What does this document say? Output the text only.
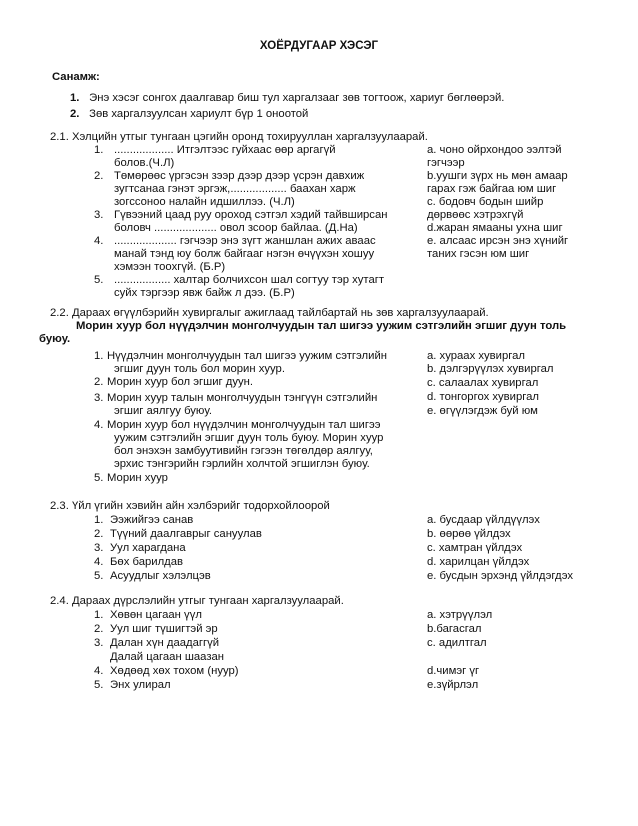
ХОЁРДУГААР ХЭСЭГ
Санамж:
1. Энэ хэсэг сонгох даалгавар биш тул харгалзааг зөв тогтоож, хариуг бөглөөрэй.
2. Зөв харгалзуулсан хариулт бүр 1 оноотой
2.1. Хэлцийн утгыг тунгаан цэгийн оронд тохирууллан харгалзуулаарай.
1. ................... Итгэлтээс гуйхаас өөр аргагүй

болов.(Ч.Л)

2. Төмөрөөс үргэсэн зээр дээр дээр үсрэн давхиж

зугтсанаа гэнэт эргэж,.................. баахан харж

зогссоноо налайн идшиллээ. (Ч.Л)

3. Гүвээний цаад руу ороход сэтгэл хэдий тайвширсан

боловч .................... овол зсоор байлаа. (Д.На)

4. .................... гэгчээр энэ зүгт жаншлан ажих аваас

манай тэнд юу болж байгааг нэгэн өчүүхэн хошуу

хэмээн тоохгүй. (Б.Р)

5. .................. халтар болчихсон шал согтуу тэр хутагт

суйх тэргээр явж байж л дээ. (Б.Р)

а. чоно ойрхондоо ээлтэй

гэгчээр

b.уушги зүрх нь мөн амаар

гарах гэж байгаа юм шиг

с. бодовч бодын шийр

дөрвөөс хэтрэхгүй

d.жаран ямааны ухна шиг

е. алсаас ирсэн энэ хүнийг

таних гэсэн юм шиг

2.2. Дараах өгүүлбэрийн хувиргалыг ажиглаад тайлбартай нь зөв харгалзуулаарай.
Морин хуур бол нүүдэлчин монголчуудын тал шигээ уужим сэтгэлийн эгшиг дуун толь
буюу.
1. Нүүдэлчин монголчуудын тал шигээ уужим сэтгэлийн

эгшиг дуун толь бол морин хуур.

2. Морин хуур бол эгшиг дуун.

3. Морин хуур талын монголчуудын тэнгүүн сэтгэлийн

эгшиг аялгуу буюу.

4. Морин хуур бол нүүдэлчин монголчуудын тал шигээ

уужим сэтгэлийн эгшиг дуун толь буюу. Морин хуур

бол энэхэн замбуутивийн гэгээн төгөлдөр аялгуу,

эрхис тэнгэрийн гэрлийн холчтой эгшиглэн буюу.

5. Морин хуур

а. хураах хувиргал
b. дэлгэрүүлэх хувиргал
с. салаалах хувиргал
d. тонгоргох хувиргал
е. өгүүлэгдэж буй юм
2.3. Үйл үгийн хэвийн айн хэлбэрийг тодорхойлоорой
1. Ээжийгээ санав
2. Түүний даалгаврыг сануулав
3. Уул харагдана
4. Бөх барилдав
5. Асуудлыг хэлэлцэв
а. бусдаар үйлдүүлэх
b. өөрөө үйлдэх
с. хамтран үйлдэх
d. харилцан үйлдэх
е. бусдын эрхэнд үйлдэгдэх
2.4. Дараах дүрслэлийн утгыг тунгаан харгалзуулаарай.
1. Хөвөн цагаан үүл
2. Уул шиг түшигтэй эр
3. Далан хүн даадаггүй
Далай цагаан шаазан
4. Хөдөөд хөх тохом (нуур)
5. Энх улирал
а. хэтрүүлэл
b.багасгал
с. адилтгал
d.чимэг үг
е.зүйрлэл
